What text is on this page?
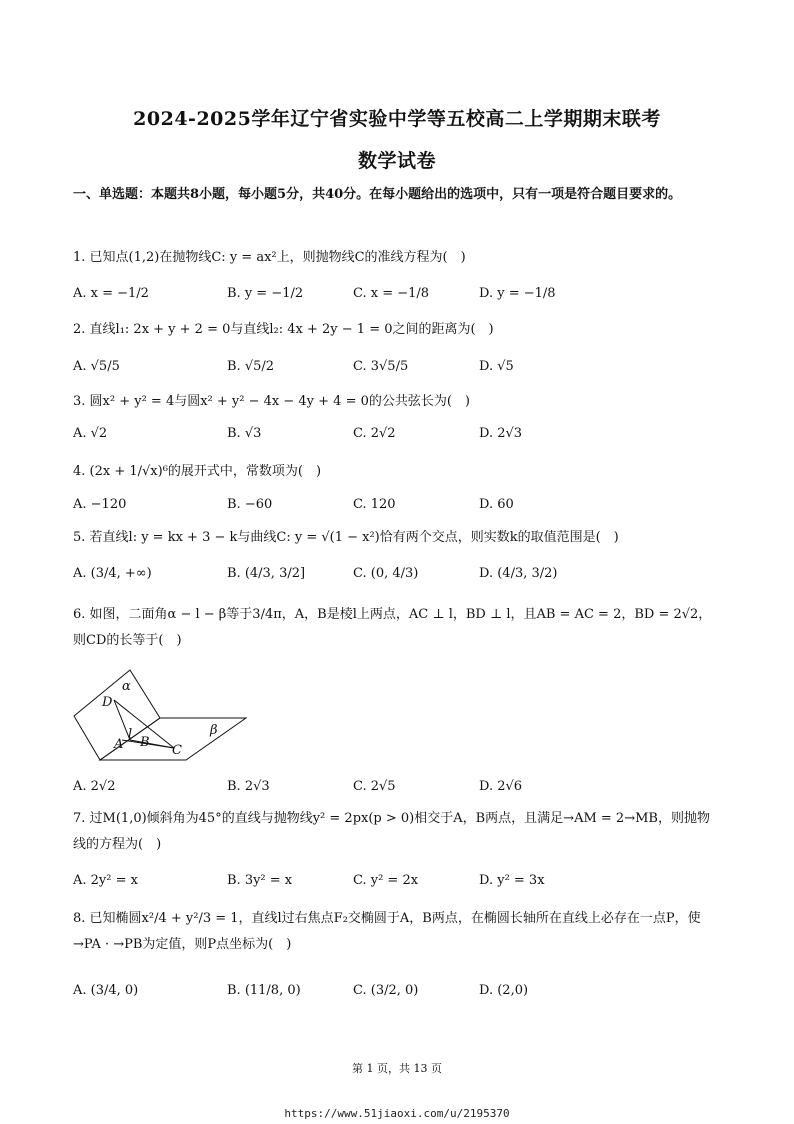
2024-2025学年辽宁省实验中学等五校高二上学期期末联考
数学试卷
一、单选题：本题共8小题，每小题5分，共40分。在每小题给出的选项中，只有一项是符合题目要求的。
1. 已知点(1,2)在抛物线C: y = ax²上，则抛物线C的准线方程为(　)
A. x = −1/2	B. y = −1/2	C. x = −1/8	D. y = −1/8
2. 直线l₁: 2x + y + 2 = 0与直线l₂: 4x + 2y − 1 = 0之间的距离为(　)
A. √5/5	B. √5/2	C. 3√5/5	D. √5
3. 圆x² + y² = 4与圆x² + y² − 4x − 4y + 4 = 0的公共弦长为(　)
A. √2	B. √3	C. 2√2	D. 2√3
4. (2x + 1/√x)⁶的展开式中，常数项为(　)
A. −120	B. −60	C. 120	D. 60
5. 若直线l: y = kx + 3 − k与曲线C: y = √(1 − x²)恰有两个交点，则实数k的取值范围是(　)
A. (3/4, +∞)	B. (4/3, 3/2]	C. (0, 4/3)	D. (4/3, 3/2)
6. 如图，二面角α − l − β等于3/4π，A，B是棱l上两点，AC ⊥ l，BD ⊥ l，且AB = AC = 2，BD = 2√2，则CD的长等于(　)
α
β
D
l
A B
C
A. 2√2	B. 2√3	C. 2√5	D. 2√6
7. 过M(1,0)倾斜角为45°的直线与抛物线y² = 2px(p > 0)相交于A，B两点，且满足→AM = 2→MB，则抛物线的方程为(　)
A. 2y² = x	B. 3y² = x	C. y² = 2x	D. y² = 3x
8. 已知椭圆x²/4 + y²/3 = 1，直线l过右焦点F₂交椭圆于A，B两点，在椭圆长轴所在直线上必存在一点P，使→PA · →PB为定值，则P点坐标为(　)
A. (3/4, 0)	B. (11/8, 0)	C. (3/2, 0)	D. (2,0)
第 1 页，共 13 页
https://www.51jiaoxi.com/u/2195370
